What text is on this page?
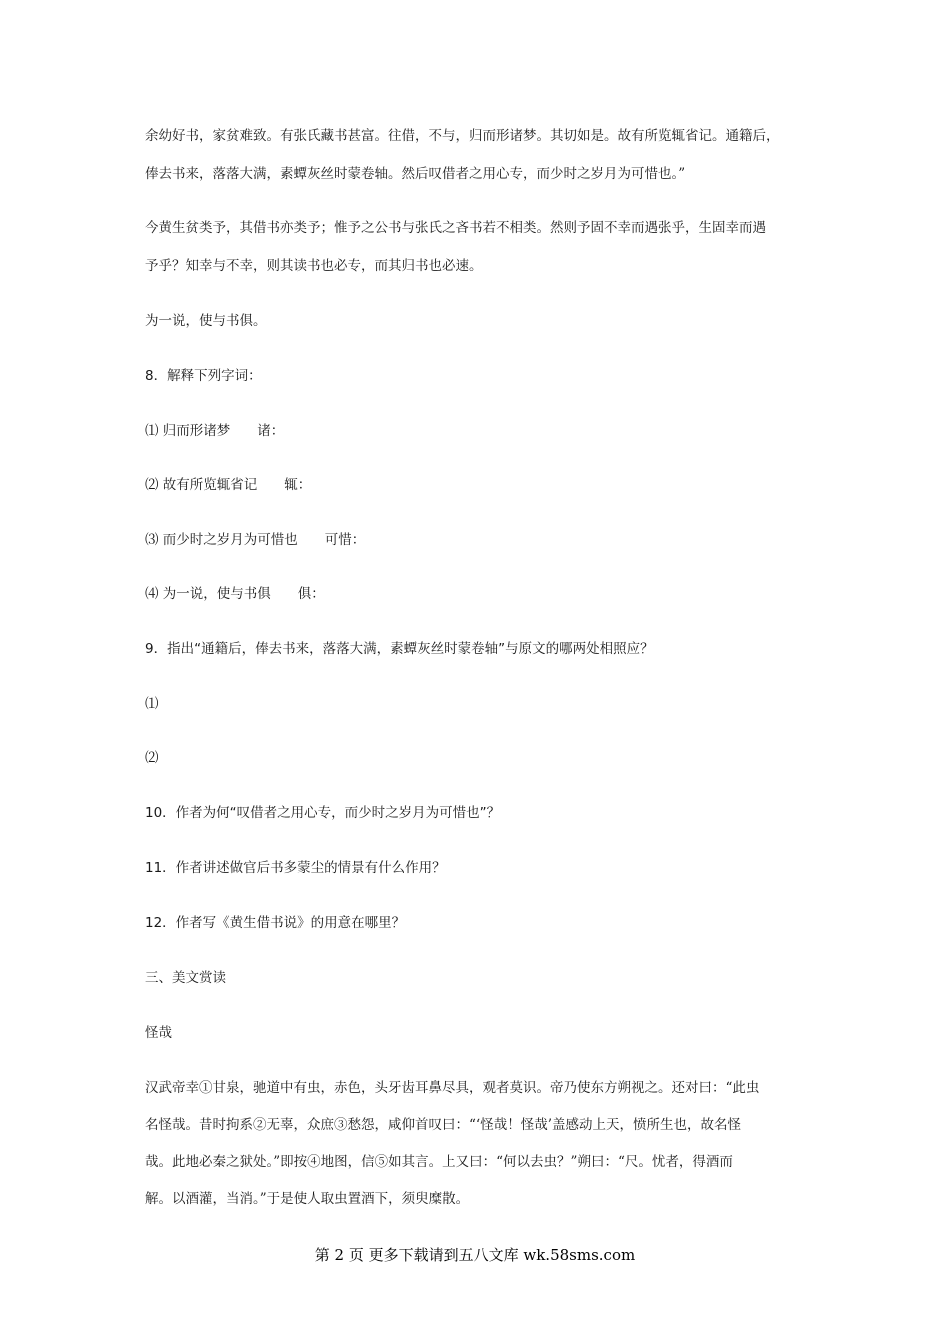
余幼好书，家贫难致。有张氏藏书甚富。往借，不与，归而形诸梦。其切如是。故有所览辄省记。通籍后，
俸去书来，落落大满，素蟫灰丝时蒙卷轴。然后叹借者之用心专，而少时之岁月为可惜也。”
今黄生贫类予，其借书亦类予；惟予之公书与张氏之吝书若不相类。然则予固不幸而遇张乎，生固幸而遇
予乎？知幸与不幸，则其读书也必专，而其归书也必速。
为一说，使与书俱。
8．解释下列字词：
⑴ 归而形诸梦　　诸：
⑵ 故有所览辄省记　　辄：
⑶ 而少时之岁月为可惜也　　可惜：
⑷ 为一说，使与书俱　　俱：
9．指出“通籍后，俸去书来，落落大满，素蟫灰丝时蒙卷轴”与原文的哪两处相照应？
⑴
⑵
10．作者为何“叹借者之用心专，而少时之岁月为可惜也”？
11．作者讲述做官后书多蒙尘的情景有什么作用？
12．作者写《黄生借书说》的用意在哪里？
三、美文赏读
怪哉
汉武帝幸①甘泉，驰道中有虫，赤色，头牙齿耳鼻尽具，观者莫识。帝乃使东方朔视之。还对曰：“此虫
名怪哉。昔时拘系②无辜，众庶③愁怨，咸仰首叹曰：“‘怪哉！怪哉’盖感动上天，愤所生也，故名怪
哉。此地必秦之狱处。”即按④地图，信⑤如其言。上又曰：“何以去虫？”朔曰：“尺。忧者，得酒而
解。以酒灌，当消。”于是使人取虫置酒下，须臾糜散。
第 2 页 更多下载请到五八文库 wk.58sms.com
